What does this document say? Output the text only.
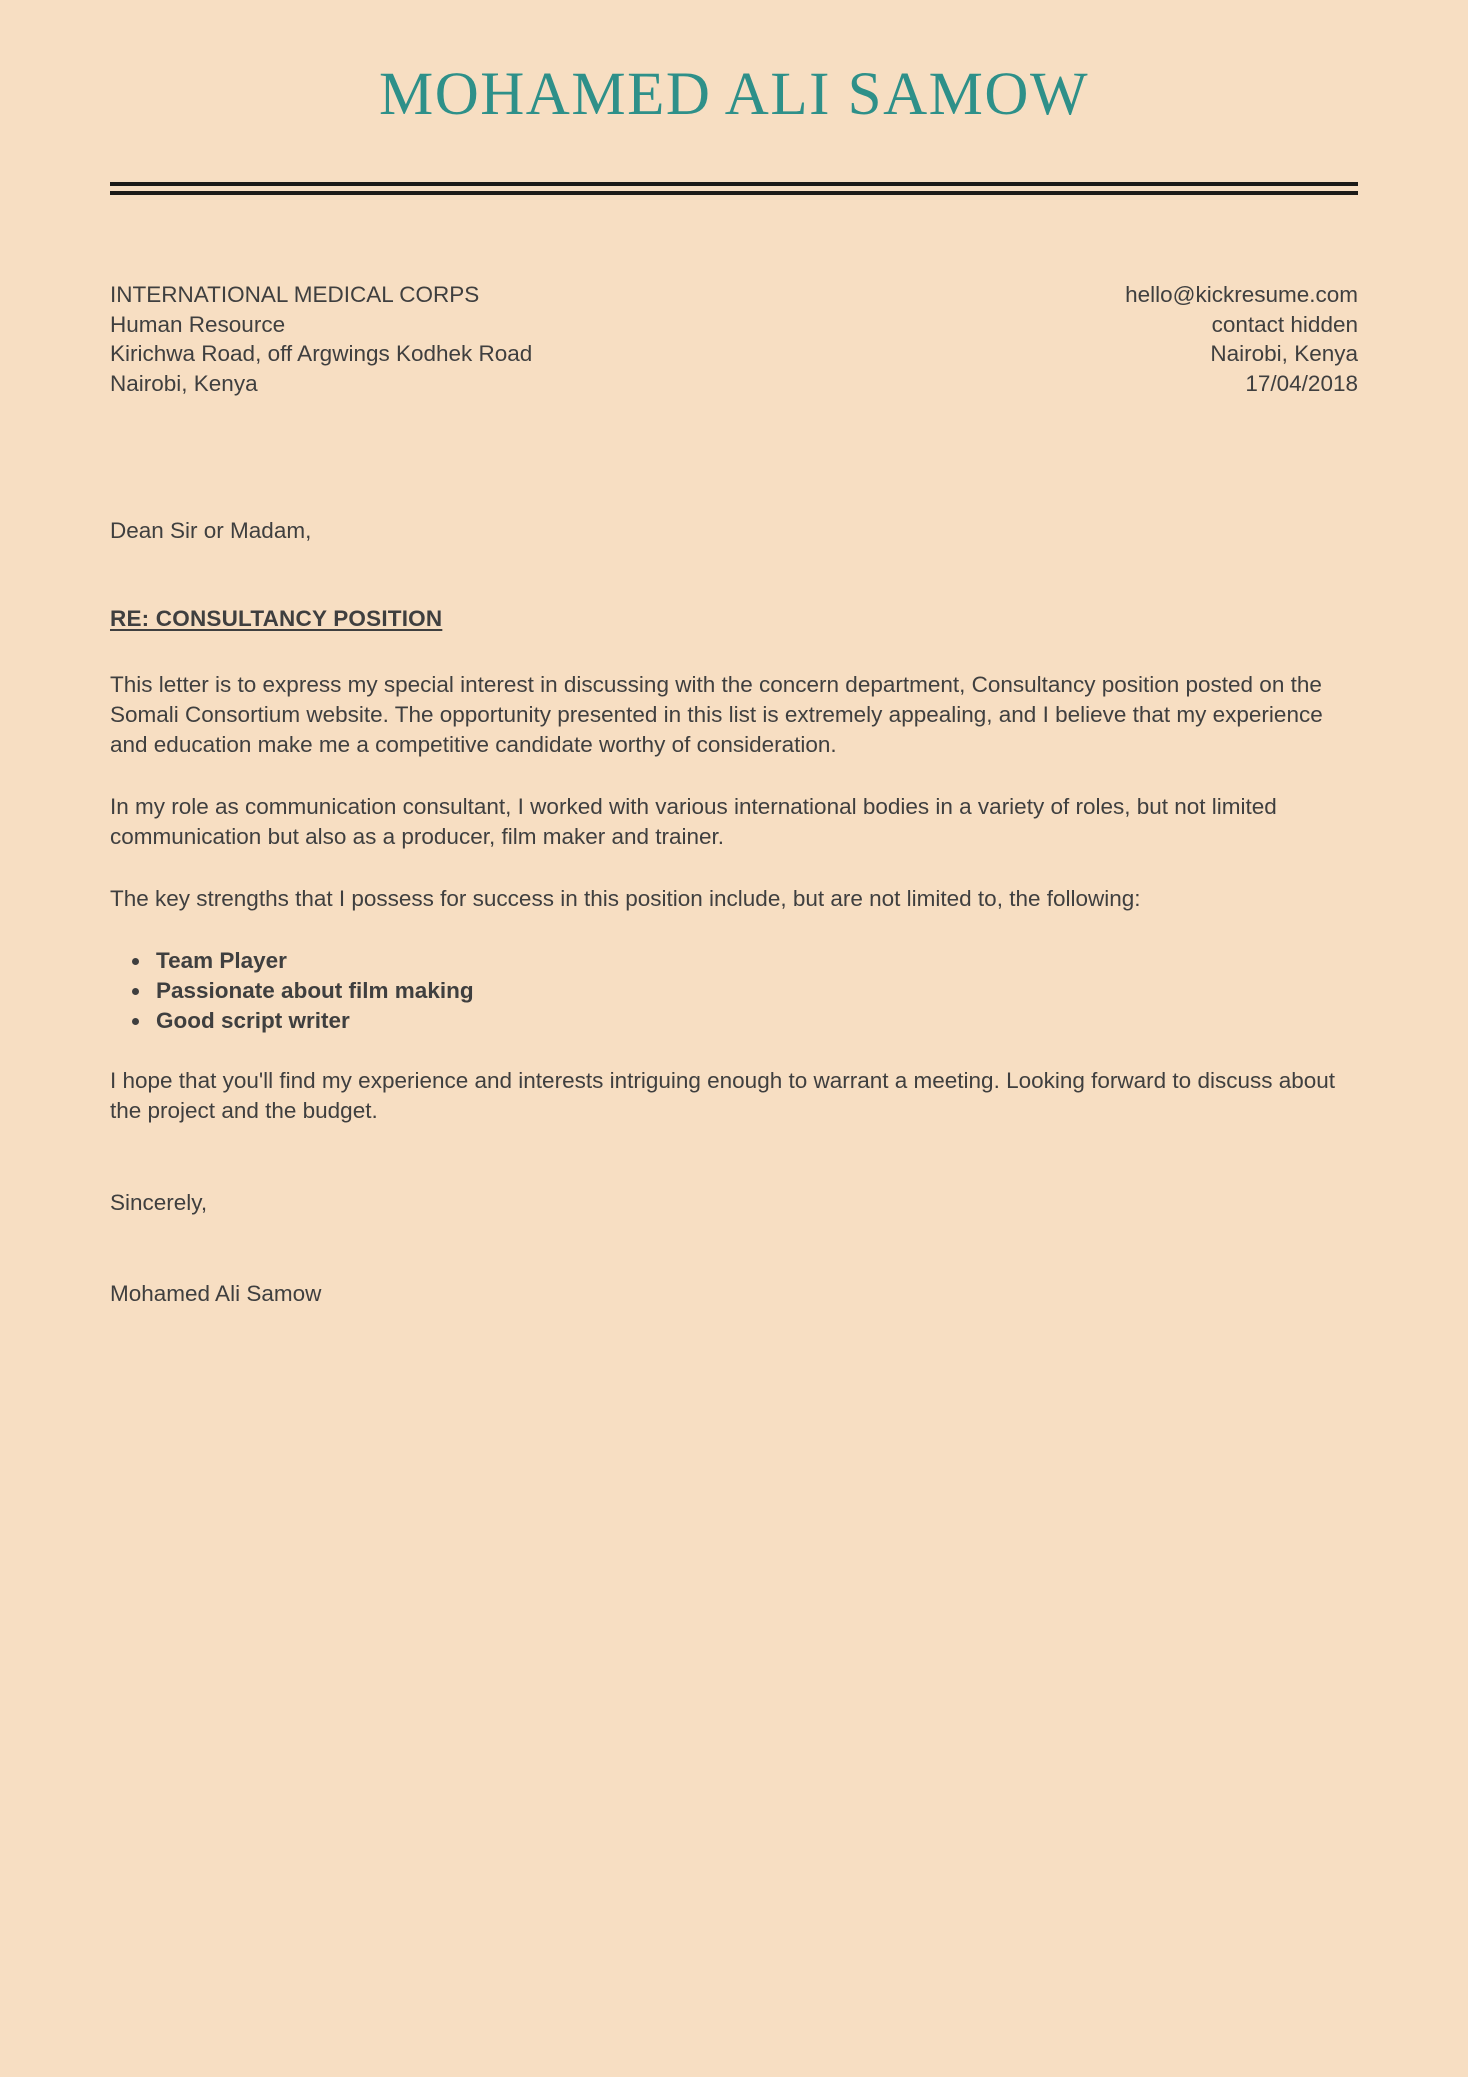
MOHAMED ALI SAMOW
INTERNATIONAL MEDICAL CORPS
Human Resource
Kirichwa Road, off Argwings Kodhek Road
Nairobi, Kenya
hello@kickresume.com
contact hidden
Nairobi, Kenya
17/04/2018

Dean Sir or Madam,

RE: CONSULTANCY POSITION

This letter is to express my special interest in discussing with the concern department, Consultancy position posted on the Somali Consortium website. The opportunity presented in this list is extremely appealing, and I believe that my experience and education make me a competitive candidate worthy of consideration.

In my role as communication consultant, I worked with various international bodies in a variety of roles, but not limited communication but also as a producer, film maker and trainer.

The key strengths that I possess for success in this position include, but are not limited to, the following:

• Team Player
• Passionate about film making
• Good script writer

I hope that you'll find my experience and interests intriguing enough to warrant a meeting. Looking forward to discuss about the project and the budget.

Sincerely,

Mohamed Ali Samow
